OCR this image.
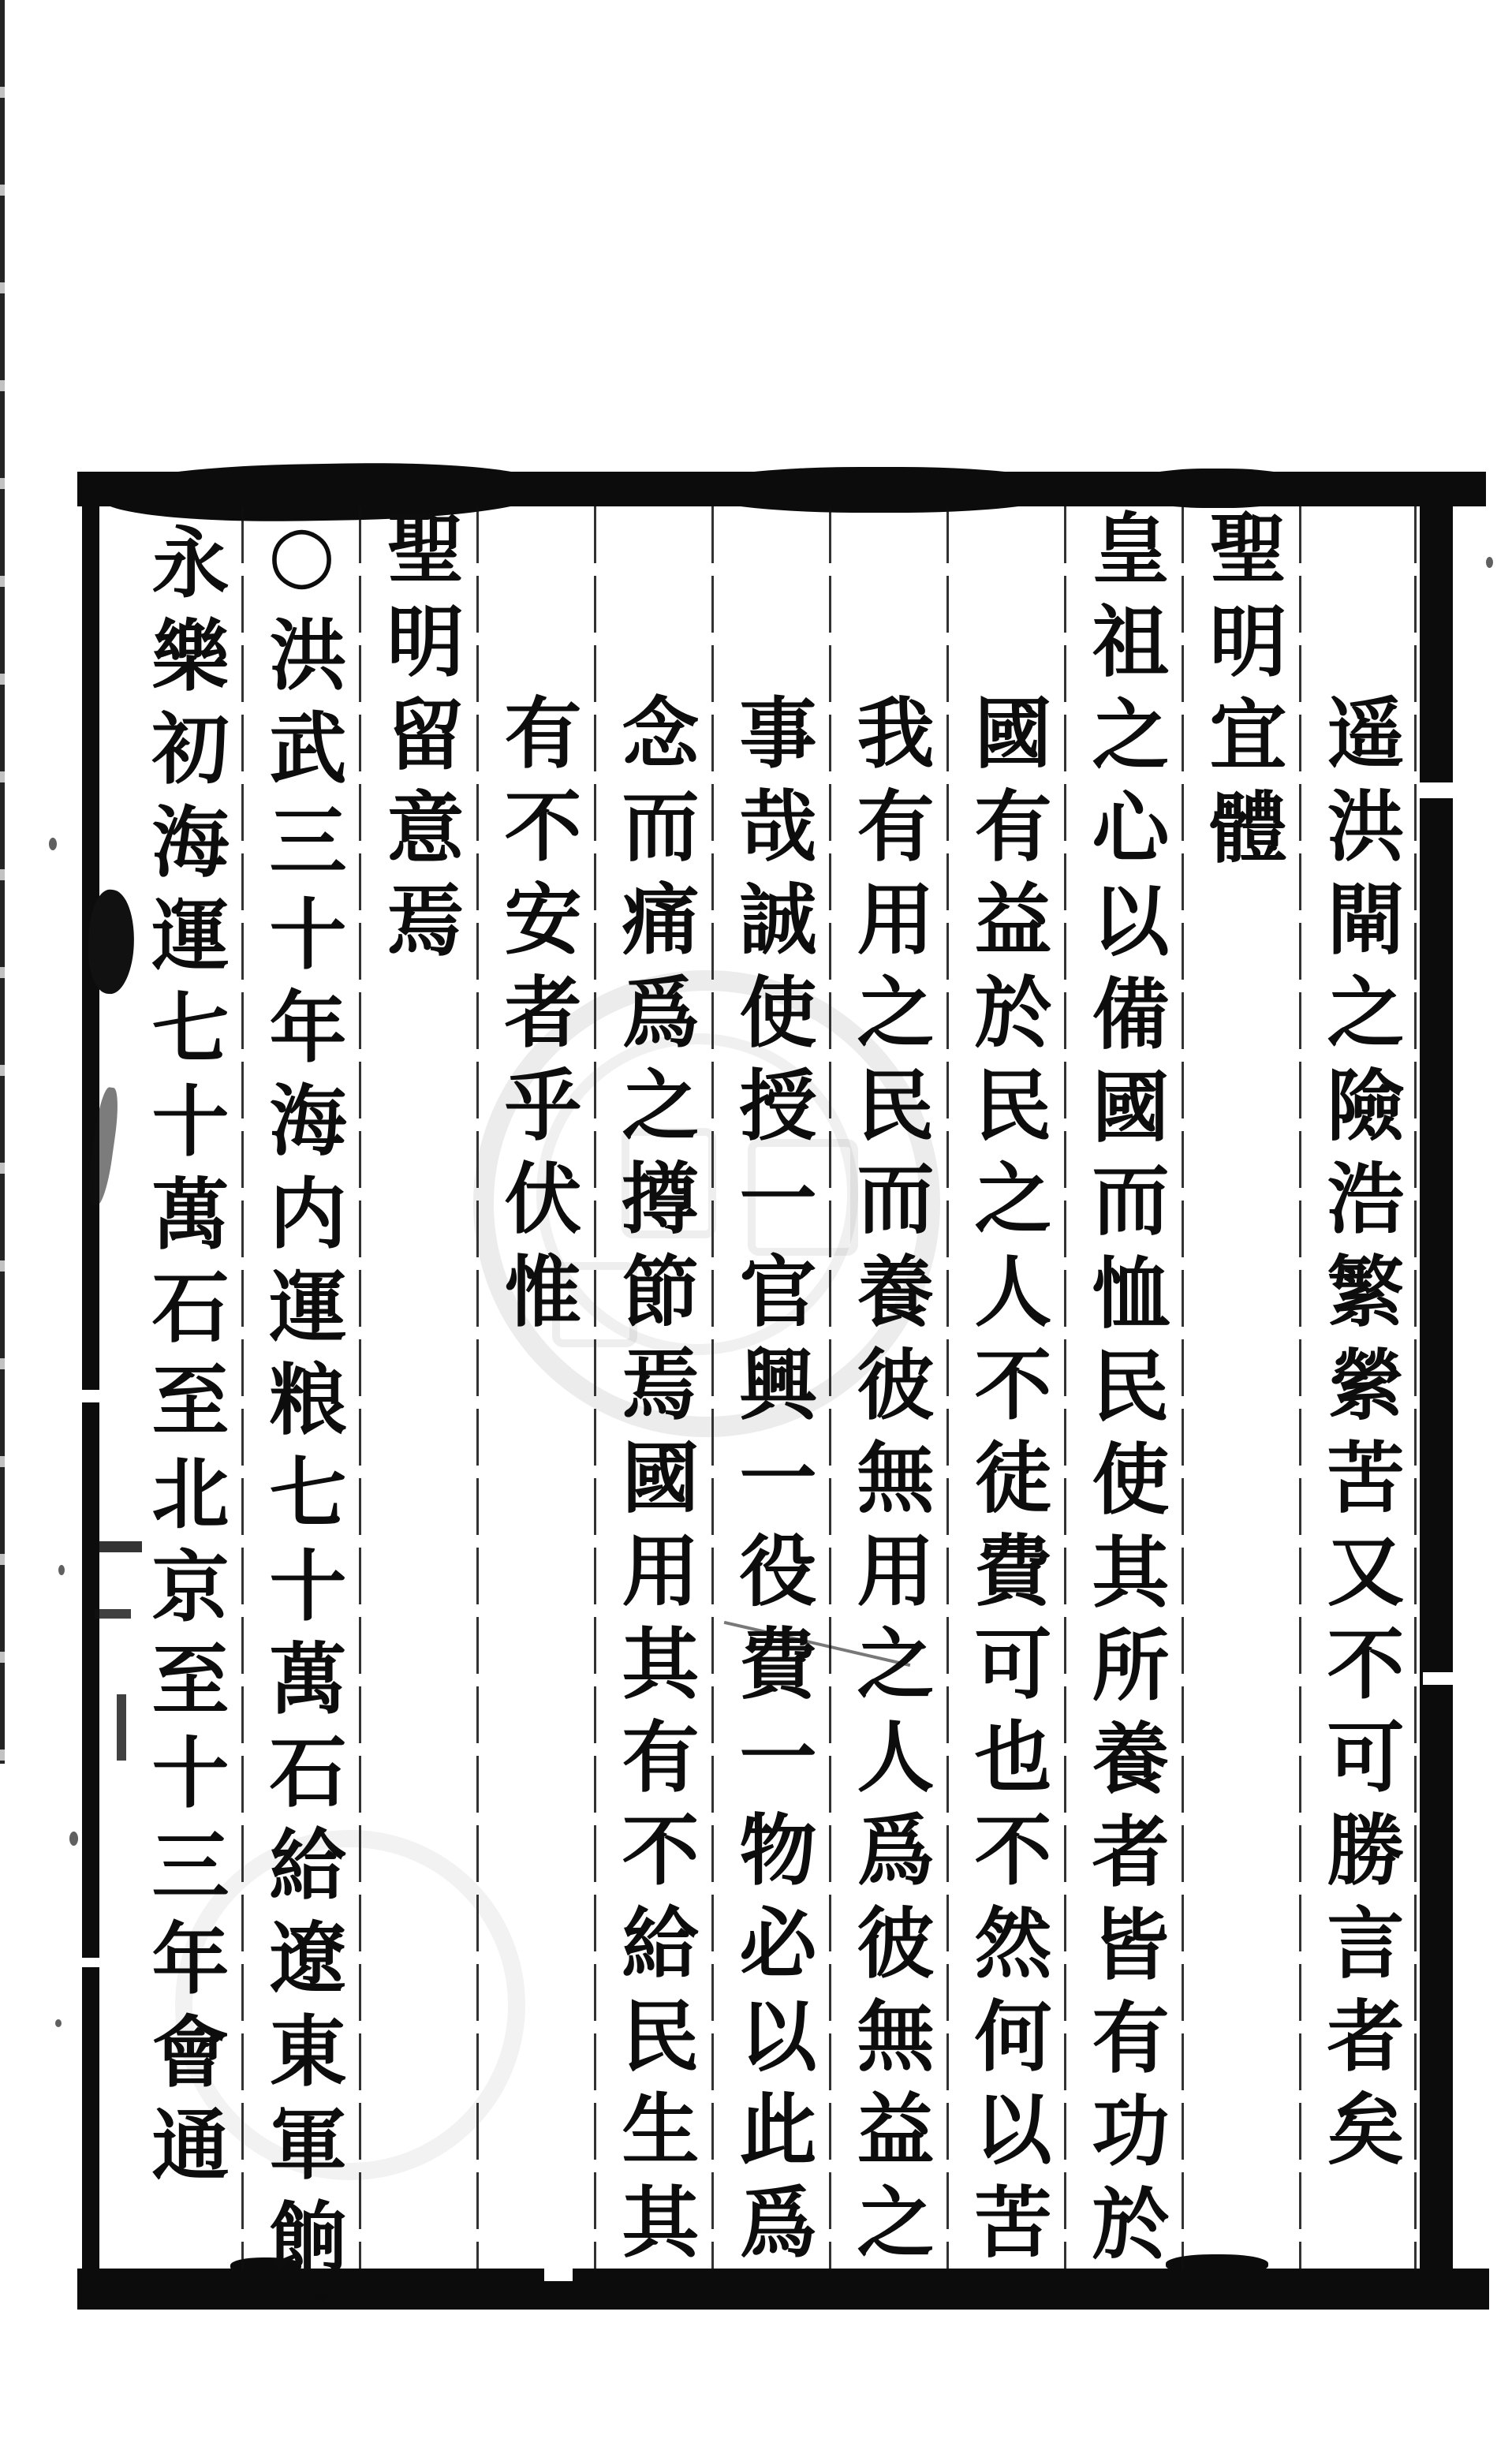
遥洪閘之險浩繁縈苦又不可勝言者矣
聖明宜體
皇祖之心以備國而恤民使其所養者皆有功於
國有益於民之人不徒費可也不然何以苦
我有用之民而養彼無用之人爲彼無益之
事哉誠使授一官興一役費一物必以此爲
念而痛爲之撙節焉國用其有不給民生其
有不安者乎伏惟
聖明留意焉
○洪武三十年海内運粮七十萬石給遼東軍餉
永樂初海運七十萬石至北京至十三年會通
